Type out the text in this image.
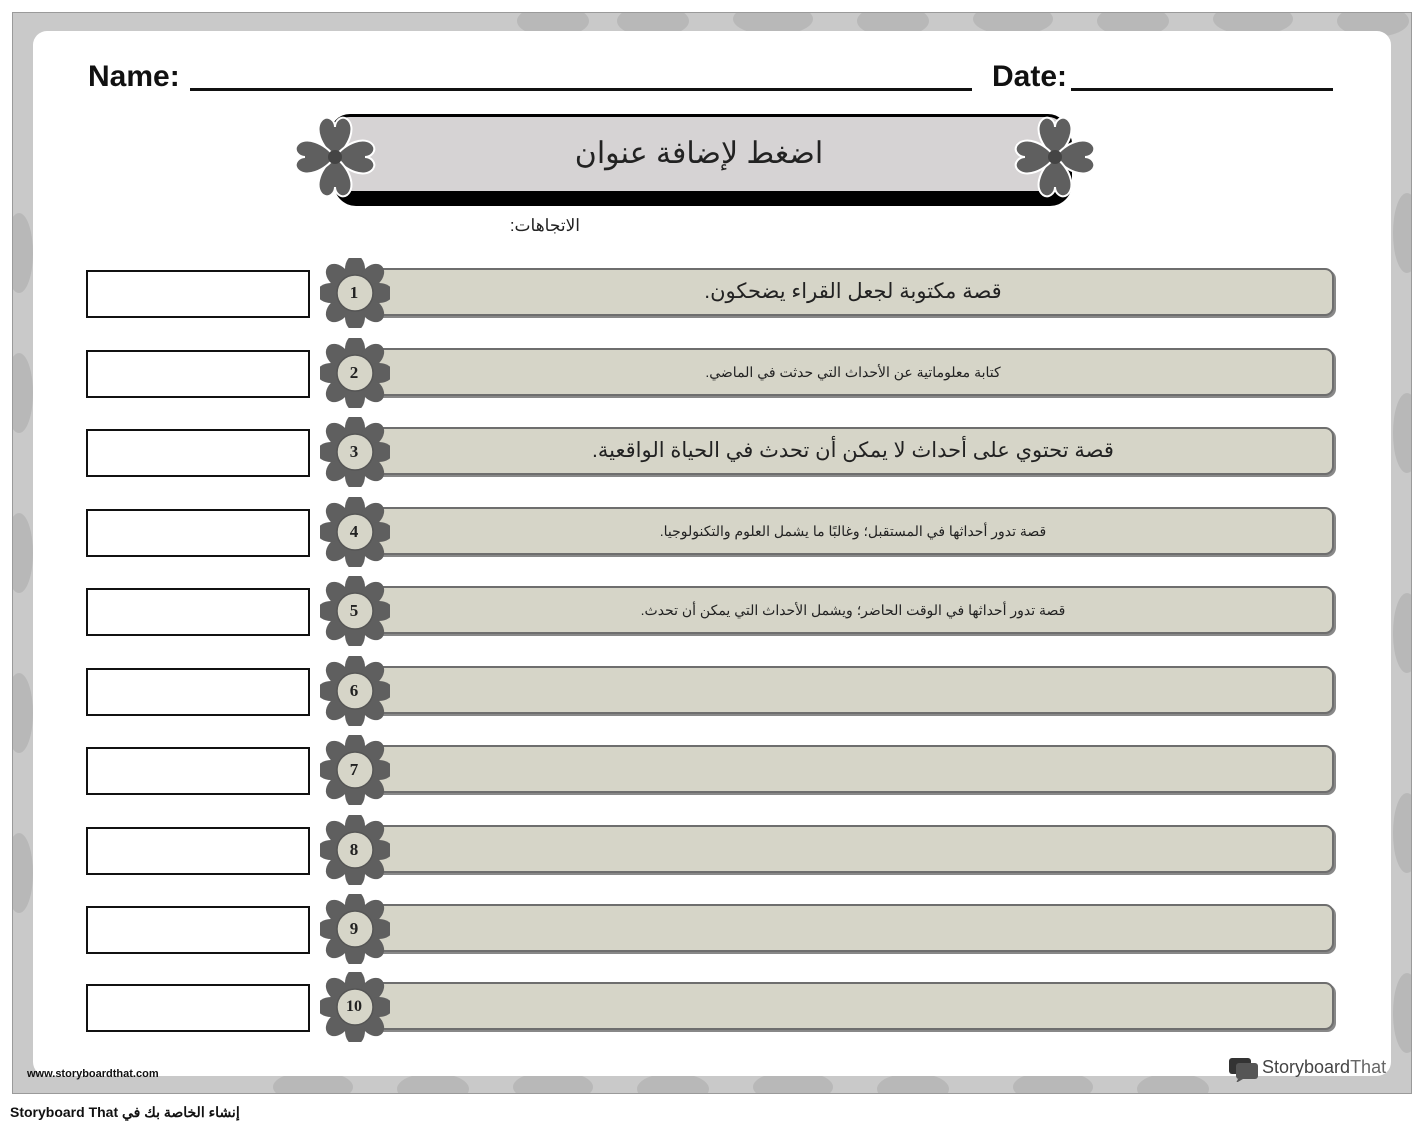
Name:	Date:
اضغط لإضافة عنوان
الاتجاهات:
قصة مكتوبة لجعل القراء يضحكون.
1
كتابة معلوماتية عن الأحداث التي حدثت في الماضي.
2
قصة تحتوي على أحداث لا يمكن أن تحدث في الحياة الواقعية.
3
قصة تدور أحداثها في المستقبل؛ وغالبًا ما يشمل العلوم والتكنولوجيا.
4
قصة تدور أحداثها في الوقت الحاضر؛ ويشمل الأحداث التي يمكن أن تحدث.
5
6
7
8
9
10
www.storyboardthat.com	StoryboardThat
إنشاء الخاصة بك في Storyboard That
